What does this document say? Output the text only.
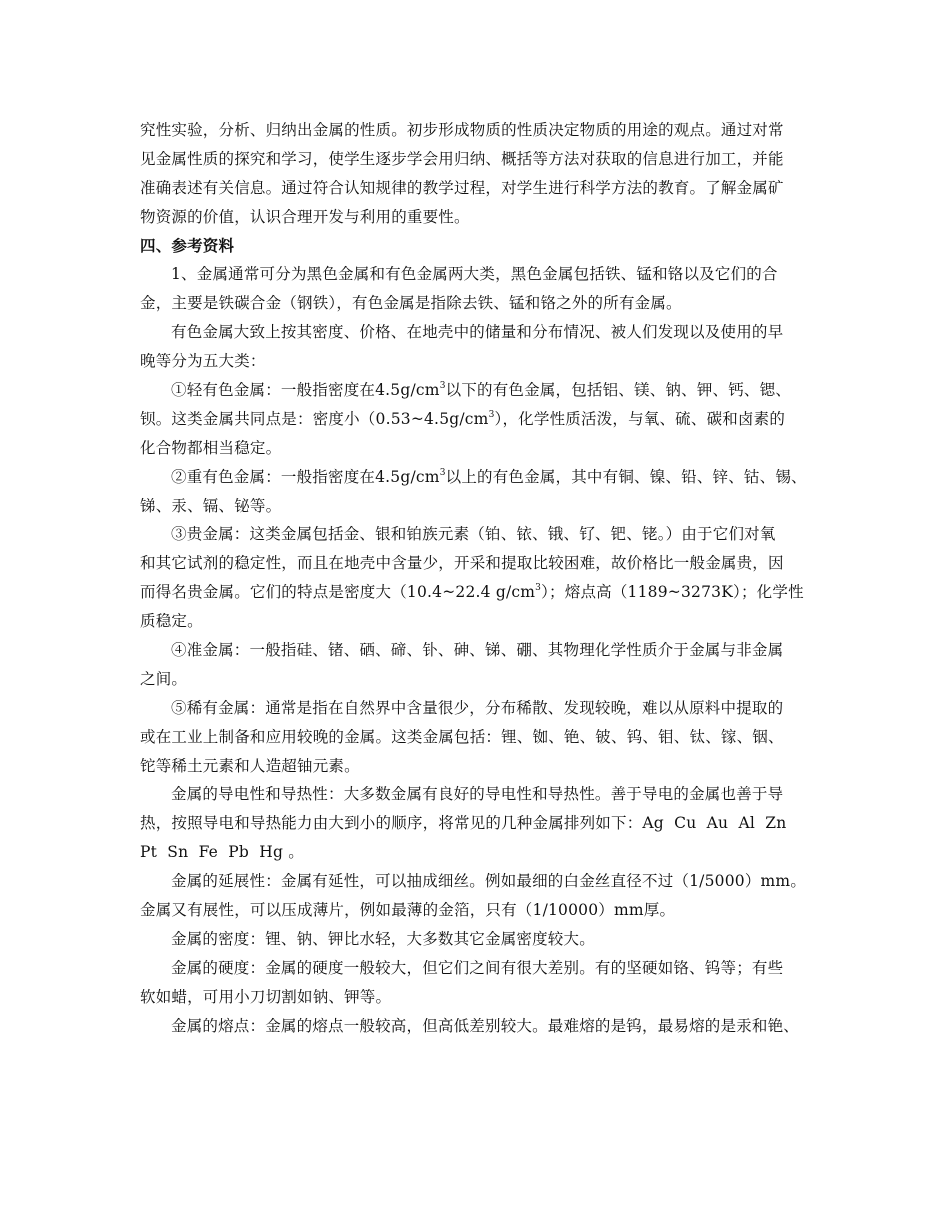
究性实验，分析、归纳出金属的性质。初步形成物质的性质决定物质的用途的观点。通过对常
见金属性质的探究和学习，使学生逐步学会用归纳、概括等方法对获取的信息进行加工，并能
准确表述有关信息。通过符合认知规律的教学过程，对学生进行科学方法的教育。了解金属矿
物资源的价值，认识合理开发与利用的重要性。
四、参考资料
1、金属通常可分为黑色金属和有色金属两大类，黑色金属包括铁、锰和铬以及它们的合
金，主要是铁碳合金（钢铁），有色金属是指除去铁、锰和铬之外的所有金属。
有色金属大致上按其密度、价格、在地壳中的储量和分布情况、被人们发现以及使用的早
晚等分为五大类：
①轻有色金属：一般指密度在$4.5g/cm^3$以下的有色金属，包括铝、镁、钠、钾、钙、锶、
钡。这类金属共同点是：密度小$(0.53\sim 4.5g/cm^3)$，化学性质活泼，与氧、硫、碳和卤素的
化合物都相当稳定。
②重有色金属：一般指密度在$4.5g/cm^3$以上的有色金属，其中有铜、镍、铅、锌、钴、锡、
锑、汞、镉、铋等。
③贵金属：这类金属包括金、银和铂族元素（铂、铱、锇、钌、钯、铑。）由于它们对氧
和其它试剂的稳定性，而且在地壳中含量少，开采和提取比较困难，故价格比一般金属贵，因
而得名贵金属。它们的特点是密度大（10.4~22.4 $g/cm^3$）；熔点高（1189~3273K）；化学性
质稳定。
④准金属：一般指硅、锗、硒、碲、钋、砷、锑、硼、其物理化学性质介于金属与非金属
之间。
⑤稀有金属：通常是指在自然界中含量很少，分布稀散、发现较晚，难以从原料中提取的
或在工业上制备和应用较晚的金属。这类金属包括：锂、铷、铯、铍、钨、钼、钛、镓、铟、
铊等稀土元素和人造超铀元素。
金属的导电性和导热性：大多数金属有良好的导电性和导热性。善于导电的金属也善于导
热，按照导电和导热能力由大到小的顺序，将常见的几种金属排列如下：Ag  Cu  Au  Al  Zn
Pt  Sn  Fe  Pb  Hg 。
金属的延展性：金属有延性，可以抽成细丝。例如最细的白金丝直径不过（1/5000）mm。
金属又有展性，可以压成薄片，例如最薄的金箔，只有（1/10000）mm厚。
金属的密度：锂、钠、钾比水轻，大多数其它金属密度较大。
金属的硬度：金属的硬度一般较大，但它们之间有很大差别。有的坚硬如铬、钨等；有些
软如蜡，可用小刀切割如钠、钾等。
金属的熔点：金属的熔点一般较高，但高低差别较大。最难熔的是钨，最易熔的是汞和铯、
